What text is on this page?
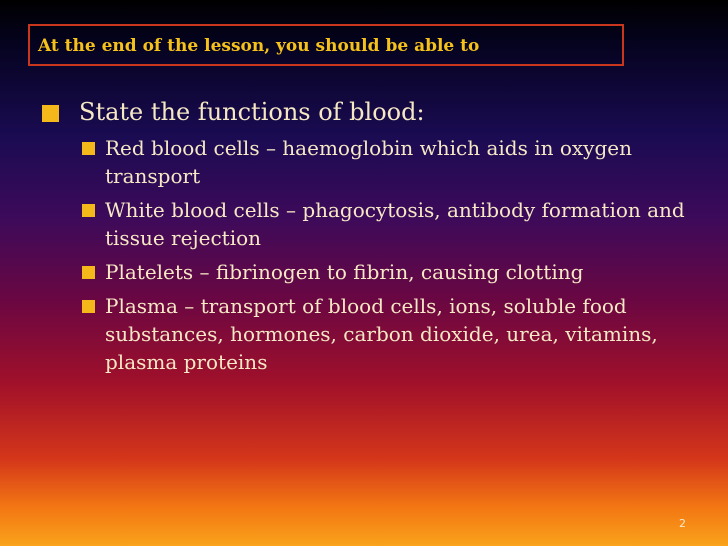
At the end of the lesson, you should be able to
State the functions of blood:
Red blood cells – haemoglobin which aids in oxygen transport
White blood cells – phagocytosis, antibody formation and tissue rejection
Platelets – fibrinogen to fibrin, causing clotting
Plasma – transport of blood cells, ions, soluble food substances, hormones, carbon dioxide, urea, vitamins, plasma proteins
2
